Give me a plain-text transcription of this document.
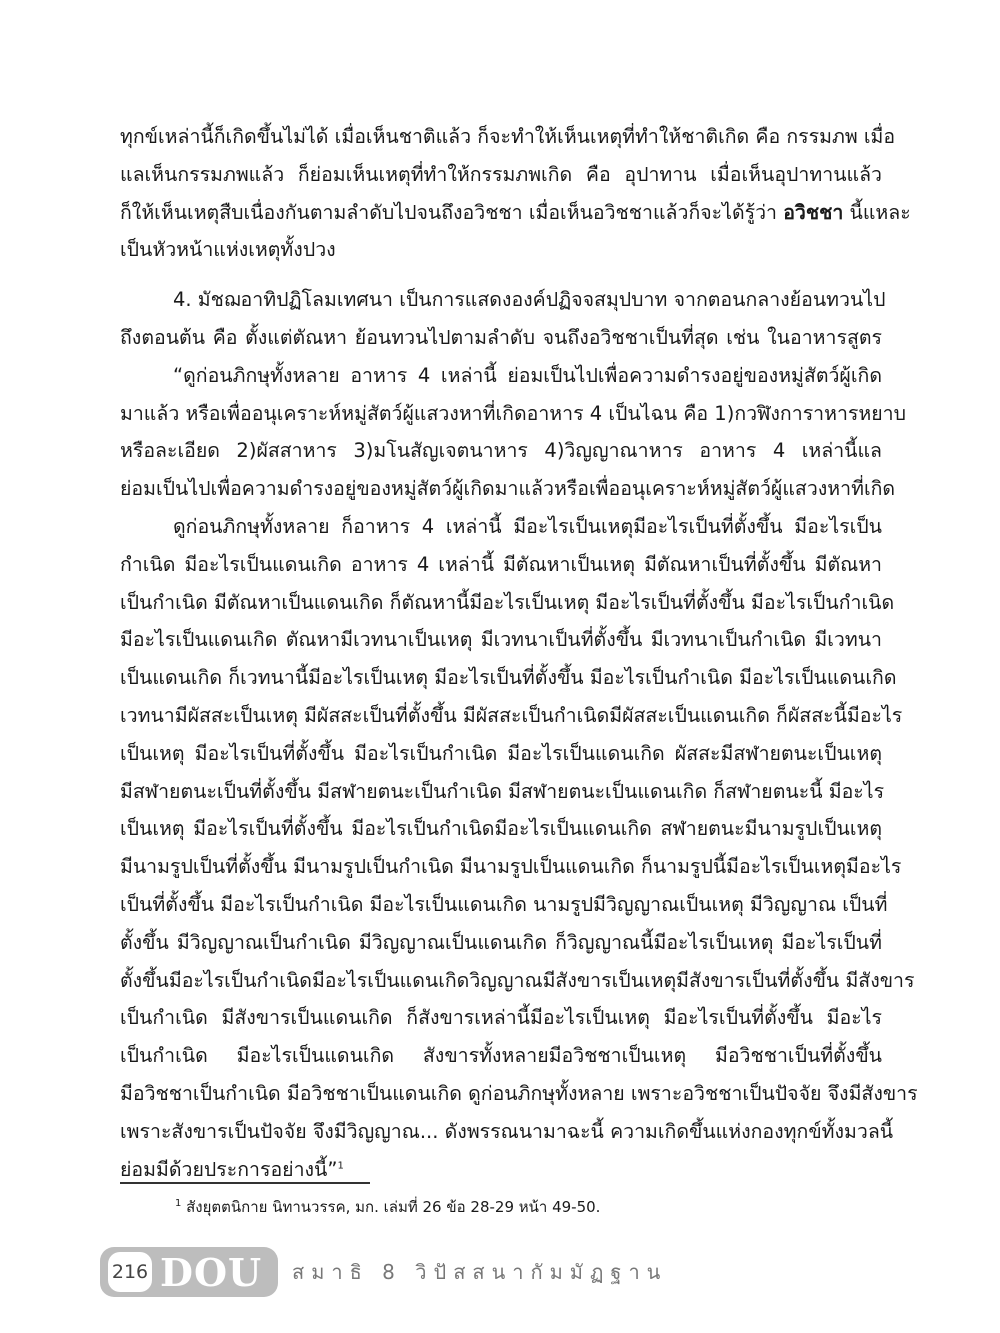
ทุกข์เหล่านี้ก็เกิดขึ้นไม่ได้ เมื่อเห็นชาติแล้ว ก็จะทำให้เห็นเหตุที่ทำให้ชาติเกิด คือ กรรมภพ เมื่อ
แลเห็นกรรมภพแล้ว ก็ย่อมเห็นเหตุที่ทำให้กรรมภพเกิด คือ อุปาทาน เมื่อเห็นอุปาทานแล้ว
ก็ให้เห็นเหตุสืบเนื่องกันตามลำดับไปจนถึงอวิชชา เมื่อเห็นอวิชชาแล้วก็จะได้รู้ว่า อวิชชา นี้แหละ
เป็นหัวหน้าแห่งเหตุทั้งปวง
4. มัชฌอาทิปฏิโลมเทศนา เป็นการแสดงองค์ปฏิจจสมุปบาท จากตอนกลางย้อนทวนไป
ถึงตอนต้น คือ ตั้งแต่ตัณหา ย้อนทวนไปตามลำดับ จนถึงอวิชชาเป็นที่สุด เช่น ในอาหารสูตร
“ดูก่อนภิกษุทั้งหลาย อาหาร 4 เหล่านี้ ย่อมเป็นไปเพื่อความดำรงอยู่ของหมู่สัตว์ผู้เกิด
มาแล้ว หรือเพื่ออนุเคราะห์หมู่สัตว์ผู้แสวงหาที่เกิดอาหาร 4 เป็นไฉน คือ 1)กวฬิงการาหารหยาบ
หรือละเอียด 2)ผัสสาหาร 3)มโนสัญเจตนาหาร 4)วิญญาณาหาร อาหาร 4 เหล่านี้แล
ย่อมเป็นไปเพื่อความดำรงอยู่ของหมู่สัตว์ผู้เกิดมาแล้วหรือเพื่ออนุเคราะห์หมู่สัตว์ผู้แสวงหาที่เกิด
ดูก่อนภิกษุทั้งหลาย ก็อาหาร 4 เหล่านี้ มีอะไรเป็นเหตุมีอะไรเป็นที่ตั้งขึ้น มีอะไรเป็น
กำเนิด มีอะไรเป็นแดนเกิด อาหาร 4 เหล่านี้ มีตัณหาเป็นเหตุ มีตัณหาเป็นที่ตั้งขึ้น มีตัณหา
เป็นกำเนิด มีตัณหาเป็นแดนเกิด ก็ตัณหานี้มีอะไรเป็นเหตุ มีอะไรเป็นที่ตั้งขึ้น มีอะไรเป็นกำเนิด
มีอะไรเป็นแดนเกิด ตัณหามีเวทนาเป็นเหตุ มีเวทนาเป็นที่ตั้งขึ้น มีเวทนาเป็นกำเนิด มีเวทนา
เป็นแดนเกิด ก็เวทนานี้มีอะไรเป็นเหตุ มีอะไรเป็นที่ตั้งขึ้น มีอะไรเป็นกำเนิด มีอะไรเป็นแดนเกิด
เวทนามีผัสสะเป็นเหตุ มีผัสสะเป็นที่ตั้งขึ้น มีผัสสะเป็นกำเนิดมีผัสสะเป็นแดนเกิด ก็ผัสสะนี้มีอะไร
เป็นเหตุ มีอะไรเป็นที่ตั้งขึ้น มีอะไรเป็นกำเนิด มีอะไรเป็นแดนเกิด ผัสสะมีสฬายตนะเป็นเหตุ
มีสฬายตนะเป็นที่ตั้งขึ้น มีสฬายตนะเป็นกำเนิด มีสฬายตนะเป็นแดนเกิด ก็สฬายตนะนี้ มีอะไร
เป็นเหตุ มีอะไรเป็นที่ตั้งขึ้น มีอะไรเป็นกำเนิดมีอะไรเป็นแดนเกิด สฬายตนะมีนามรูปเป็นเหตุ
มีนามรูปเป็นที่ตั้งขึ้น มีนามรูปเป็นกำเนิด มีนามรูปเป็นแดนเกิด ก็นามรูปนี้มีอะไรเป็นเหตุมีอะไร
เป็นที่ตั้งขึ้น มีอะไรเป็นกำเนิด มีอะไรเป็นแดนเกิด นามรูปมีวิญญาณเป็นเหตุ มีวิญญาณ เป็นที่
ตั้งขึ้น มีวิญญาณเป็นกำเนิด มีวิญญาณเป็นแดนเกิด ก็วิญญาณนี้มีอะไรเป็นเหตุ มีอะไรเป็นที่
ตั้งขึ้นมีอะไรเป็นกำเนิดมีอะไรเป็นแดนเกิดวิญญาณมีสังขารเป็นเหตุมีสังขารเป็นที่ตั้งขึ้น มีสังขาร
เป็นกำเนิด มีสังขารเป็นแดนเกิด ก็สังขารเหล่านี้มีอะไรเป็นเหตุ มีอะไรเป็นที่ตั้งขึ้น มีอะไร
เป็นกำเนิด มีอะไรเป็นแดนเกิด สังขารทั้งหลายมีอวิชชาเป็นเหตุ มีอวิชชาเป็นที่ตั้งขึ้น
มีอวิชชาเป็นกำเนิด มีอวิชชาเป็นแดนเกิด ดูก่อนภิกษุทั้งหลาย เพราะอวิชชาเป็นปัจจัย จึงมีสังขาร
เพราะสังขารเป็นปัจจัย จึงมีวิญญาณ... ดังพรรณนามาฉะนี้ ความเกิดขึ้นแห่งกองทุกข์ทั้งมวลนี้
ย่อมมีด้วยประการอย่างนี้”$^1$
$^1$ สังยุตตนิกาย นิทานวรรค, มก. เล่มที่ 26 ข้อ 28-29 หน้า 49-50.
216 DOU สมาธิ 8 วิปัสสนากัมมัฏฐาน
